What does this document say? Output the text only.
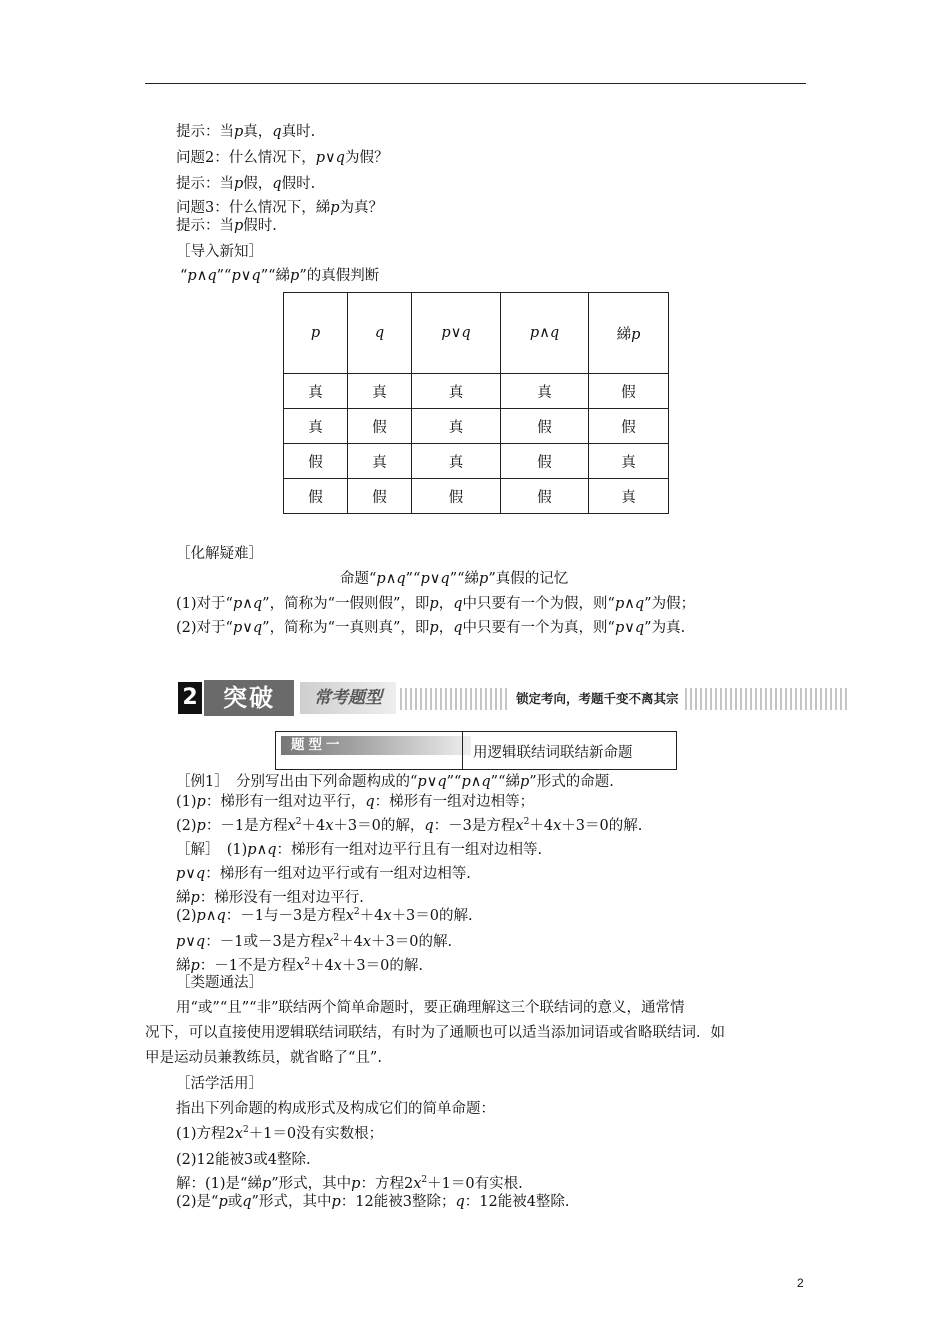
提示：当p真，q真时.
问题2：什么情况下，p∨q为假？
提示：当p假，q假时.
问题3：什么情况下，綈p为真？
提示：当p假时.
［导入新知］
“p∧q”“p∨q”“綈p”的真假判断
p	q	p∨q	p∧q	綈p
真	真	真	真	假
真	假	真	假	假
假	真	真	假	真
假	假	假	假	真
［化解疑难］
命题“p∧q”“p∨q”“綈p”真假的记忆
(1)对于“p∧q”，简称为“一假则假”，即p，q中只要有一个为假，则“p∧q”为假；
(2)对于“p∨q”，简称为“一真则真”，即p，q中只要有一个为真，则“p∨q”为真.
2	突破	常考题型	锁定考向，考题千变不离其宗
题型一	用逻辑联结词联结新命题
［例1］　分别写出由下列命题构成的“p∨q”“p∧q”“綈p”形式的命题.
(1)p：梯形有一组对边平行，q：梯形有一组对边相等；
(2)p：－1是方程$x^2+4x+3=0$的解，q：－3是方程$x^2+4x+3=0$的解.
［解］　(1)p∧q：梯形有一组对边平行且有一组对边相等.
p∨q：梯形有一组对边平行或有一组对边相等.
綈p：梯形没有一组对边平行.
(2)p∧q：－1与－3是方程$x^2+4x+3=0$的解.
p∨q：－1或－3是方程$x^2+4x+3=0$的解.
綈p：－1不是方程$x^2+4x+3=0$的解.
［类题通法］
用“或”“且”“非”联结两个简单命题时，要正确理解这三个联结词的意义，通常情
况下，可以直接使用逻辑联结词联结，有时为了通顺也可以适当添加词语或省略联结词．如
甲是运动员兼教练员，就省略了“且”.
［活学活用］
指出下列命题的构成形式及构成它们的简单命题：
(1)方程$2x^2+1=0$没有实数根；
(2)12能被3或4整除.
解：(1)是“綈p”形式，其中p：方程$2x^2+1=0$有实根.
(2)是“p或q”形式，其中p：12能被3整除；q：12能被4整除.
2
